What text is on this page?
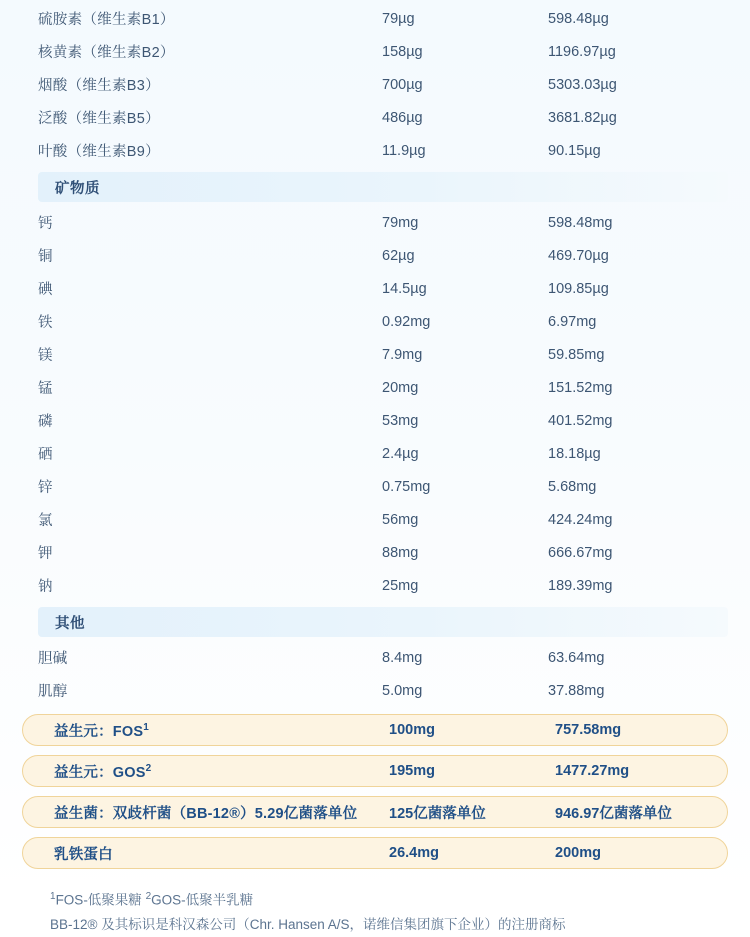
硫胺素（维生素B1）	79µg	598.48µg
核黄素（维生素B2）	158µg	1196.97µg
烟酸（维生素B3）	700µg	5303.03µg
泛酸（维生素B5）	486µg	3681.82µg
叶酸（维生素B9）	11.9µg	90.15µg
矿物质
钙	79mg	598.48mg
铜	62µg	469.70µg
碘	14.5µg	109.85µg
铁	0.92mg	6.97mg
镁	7.9mg	59.85mg
锰	20mg	151.52mg
磷	53mg	401.52mg
硒	2.4µg	18.18µg
锌	0.75mg	5.68mg
氯	56mg	424.24mg
钾	88mg	666.67mg
钠	25mg	189.39mg
其他
胆碱	8.4mg	63.64mg
肌醇	5.0mg	37.88mg
益生元：FOS$^1$	100mg	757.58mg
益生元：GOS$^2$	195mg	1477.27mg
益生菌：双歧杆菌（BB-12®）5.29亿菌落单位	125亿菌落单位	946.97亿菌落单位
乳铁蛋白	26.4mg	200mg
$^1$FOS-低聚果糖 $^2$GOS-低聚半乳糖
BB-12® 及其标识是科汉森公司（Chr. Hansen A/S，诺维信集团旗下企业）的注册商标
